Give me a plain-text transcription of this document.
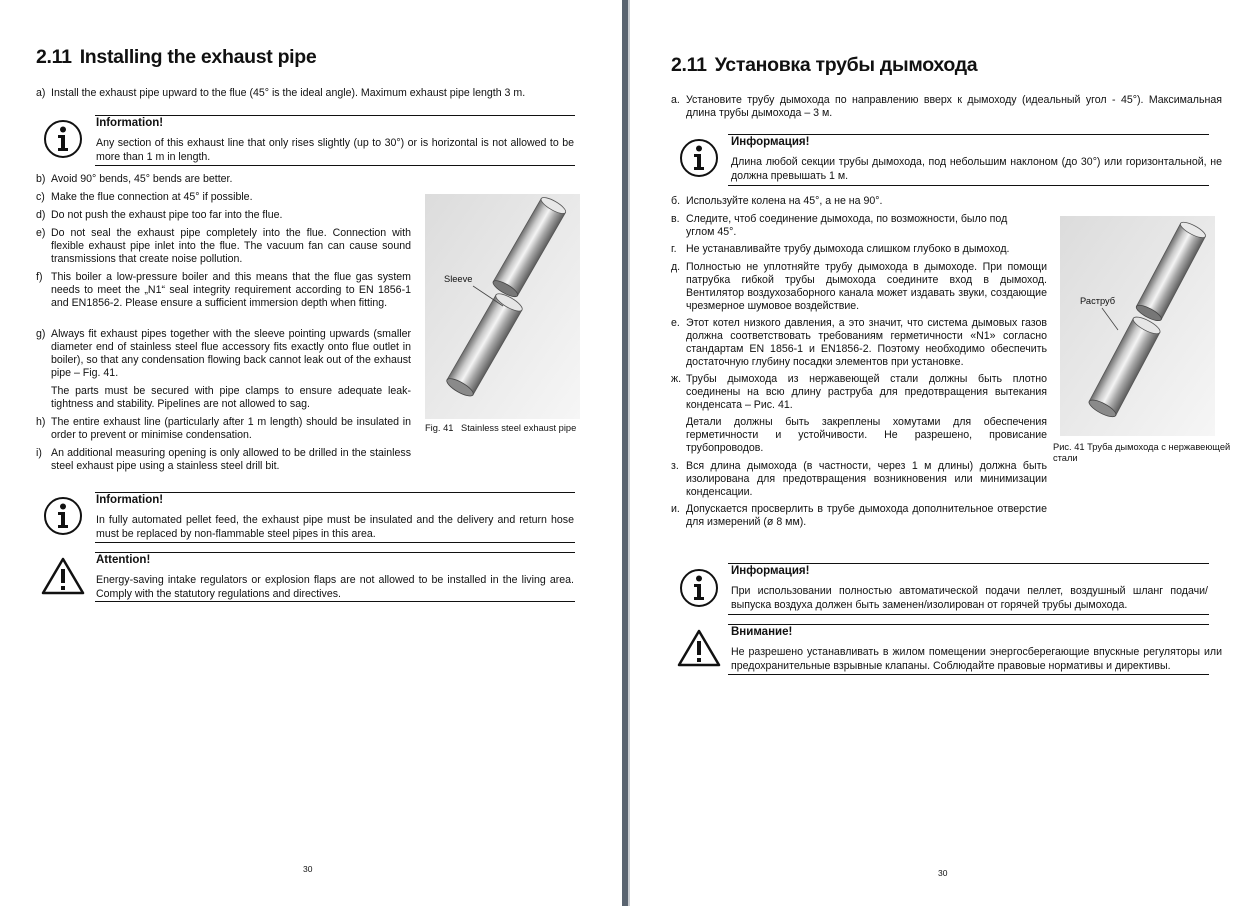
2.11 Installing the exhaust pipe
a) Install the exhaust pipe upward to the flue (45° is the ideal angle). Maximum exhaust pipe length 3 m.
Information!
Any section of this exhaust line that only rises slightly (up to 30°) or is horizontal is not allowed to be more than 1 m in length.
b) Avoid 90° bends, 45° bends are better.
c) Make the flue connection at 45° if possible.
d) Do not push the exhaust pipe too far into the flue.
e) Do not seal the exhaust pipe completely into the flue. Connection with flexible exhaust pipe inlet into the flue. The vacuum fan can cause sound transmissions that create noise pollution.
f) This boiler a low-pressure boiler and this means that the flue gas system needs to meet the „N1“ seal integrity requirement according to EN 1856-1 and EN1856-2. Please ensure a sufficient immersion depth when fitting.
g) Always fit exhaust pipes together with the sleeve pointing upwards (smaller diameter end of stainless steel flue accessory fits exactly onto flue outlet in boiler), so that any condensation flowing back cannot leak out of the exhaust pipe – Fig. 41.
The parts must be secured with pipe clamps to ensure adequate leak-tightness and stability. Pipelines are not allowed to sag.
h) The entire exhaust line (particularly after 1 m length) should be insulated in order to prevent or minimise condensation.
i) An additional measuring opening is only allowed to be drilled in the stainless steel exhaust pipe using a stainless steel drill bit.
Sleeve
Fig. 41 Stainless steel exhaust pipe
Information!
In fully automated pellet feed, the exhaust pipe must be insulated and the delivery and return hose must be replaced by non-flammable steel pipes in this area.
Attention!
Energy-saving intake regulators or explosion flaps are not allowed to be installed in the living area. Comply with the statutory regulations and directives.
30
2.11 Установка трубы дымохода
а. Установите трубу дымохода по направлению вверх к дымоходу (идеальный угол - 45°). Максимальная длина трубы дымохода – 3 м.
Информация!
Длина любой секции трубы дымохода, под небольшим наклоном (до 30°) или горизонтальной, не должна превышать 1 м.
б. Используйте колена на 45°, а не на 90°.
в. Следите, чтоб соединение дымохода, по возможности, было под углом 45°.
г. Не устанавливайте трубу дымохода слишком глубоко в дымоход.
д. Полностью не уплотняйте трубу дымохода в дымоходе. При помощи патрубка гибкой трубы дымохода соедините вход в дымоход. Вентилятор воздухозаборного канала может издавать звуки, создающие чрезмерное шумовое воздействие.
е. Этот котел низкого давления, а это значит, что система дымовых газов должна соответствовать требованиям герметичности «N1» согласно стандартам EN 1856-1 и EN1856-2. Поэтому необходимо обеспечить достаточную глубину посадки элементов при установке.
ж. Трубы дымохода из нержавеющей стали должны быть плотно соединены на всю длину раструба для предотвращения вытекания конденсата – Рис. 41.
Детали должны быть закреплены хомутами для обеспечения герметичности и устойчивости. Не разрешено, провисание трубопроводов.
з. Вся длина дымохода (в частности, через 1 м длины) должна быть изолирована для предотвращения возникновения или минимизации конденсации.
и. Допускается просверлить в трубе дымохода дополнительное отверстие для измерений (ø 8 мм).
Раструб
Рис. 41 Труба дымохода с нержавеющей стали
Информация!
При использовании полностью автоматической подачи пеллет, воздушный шланг подачи/выпуска воздуха должен быть заменен/изолирован от горячей трубы дымохода.
Внимание!
Не разрешено устанавливать в жилом помещении энергосберегающие впускные регуляторы или предохранительные взрывные клапаны. Соблюдайте правовые нормативы и директивы.
30
